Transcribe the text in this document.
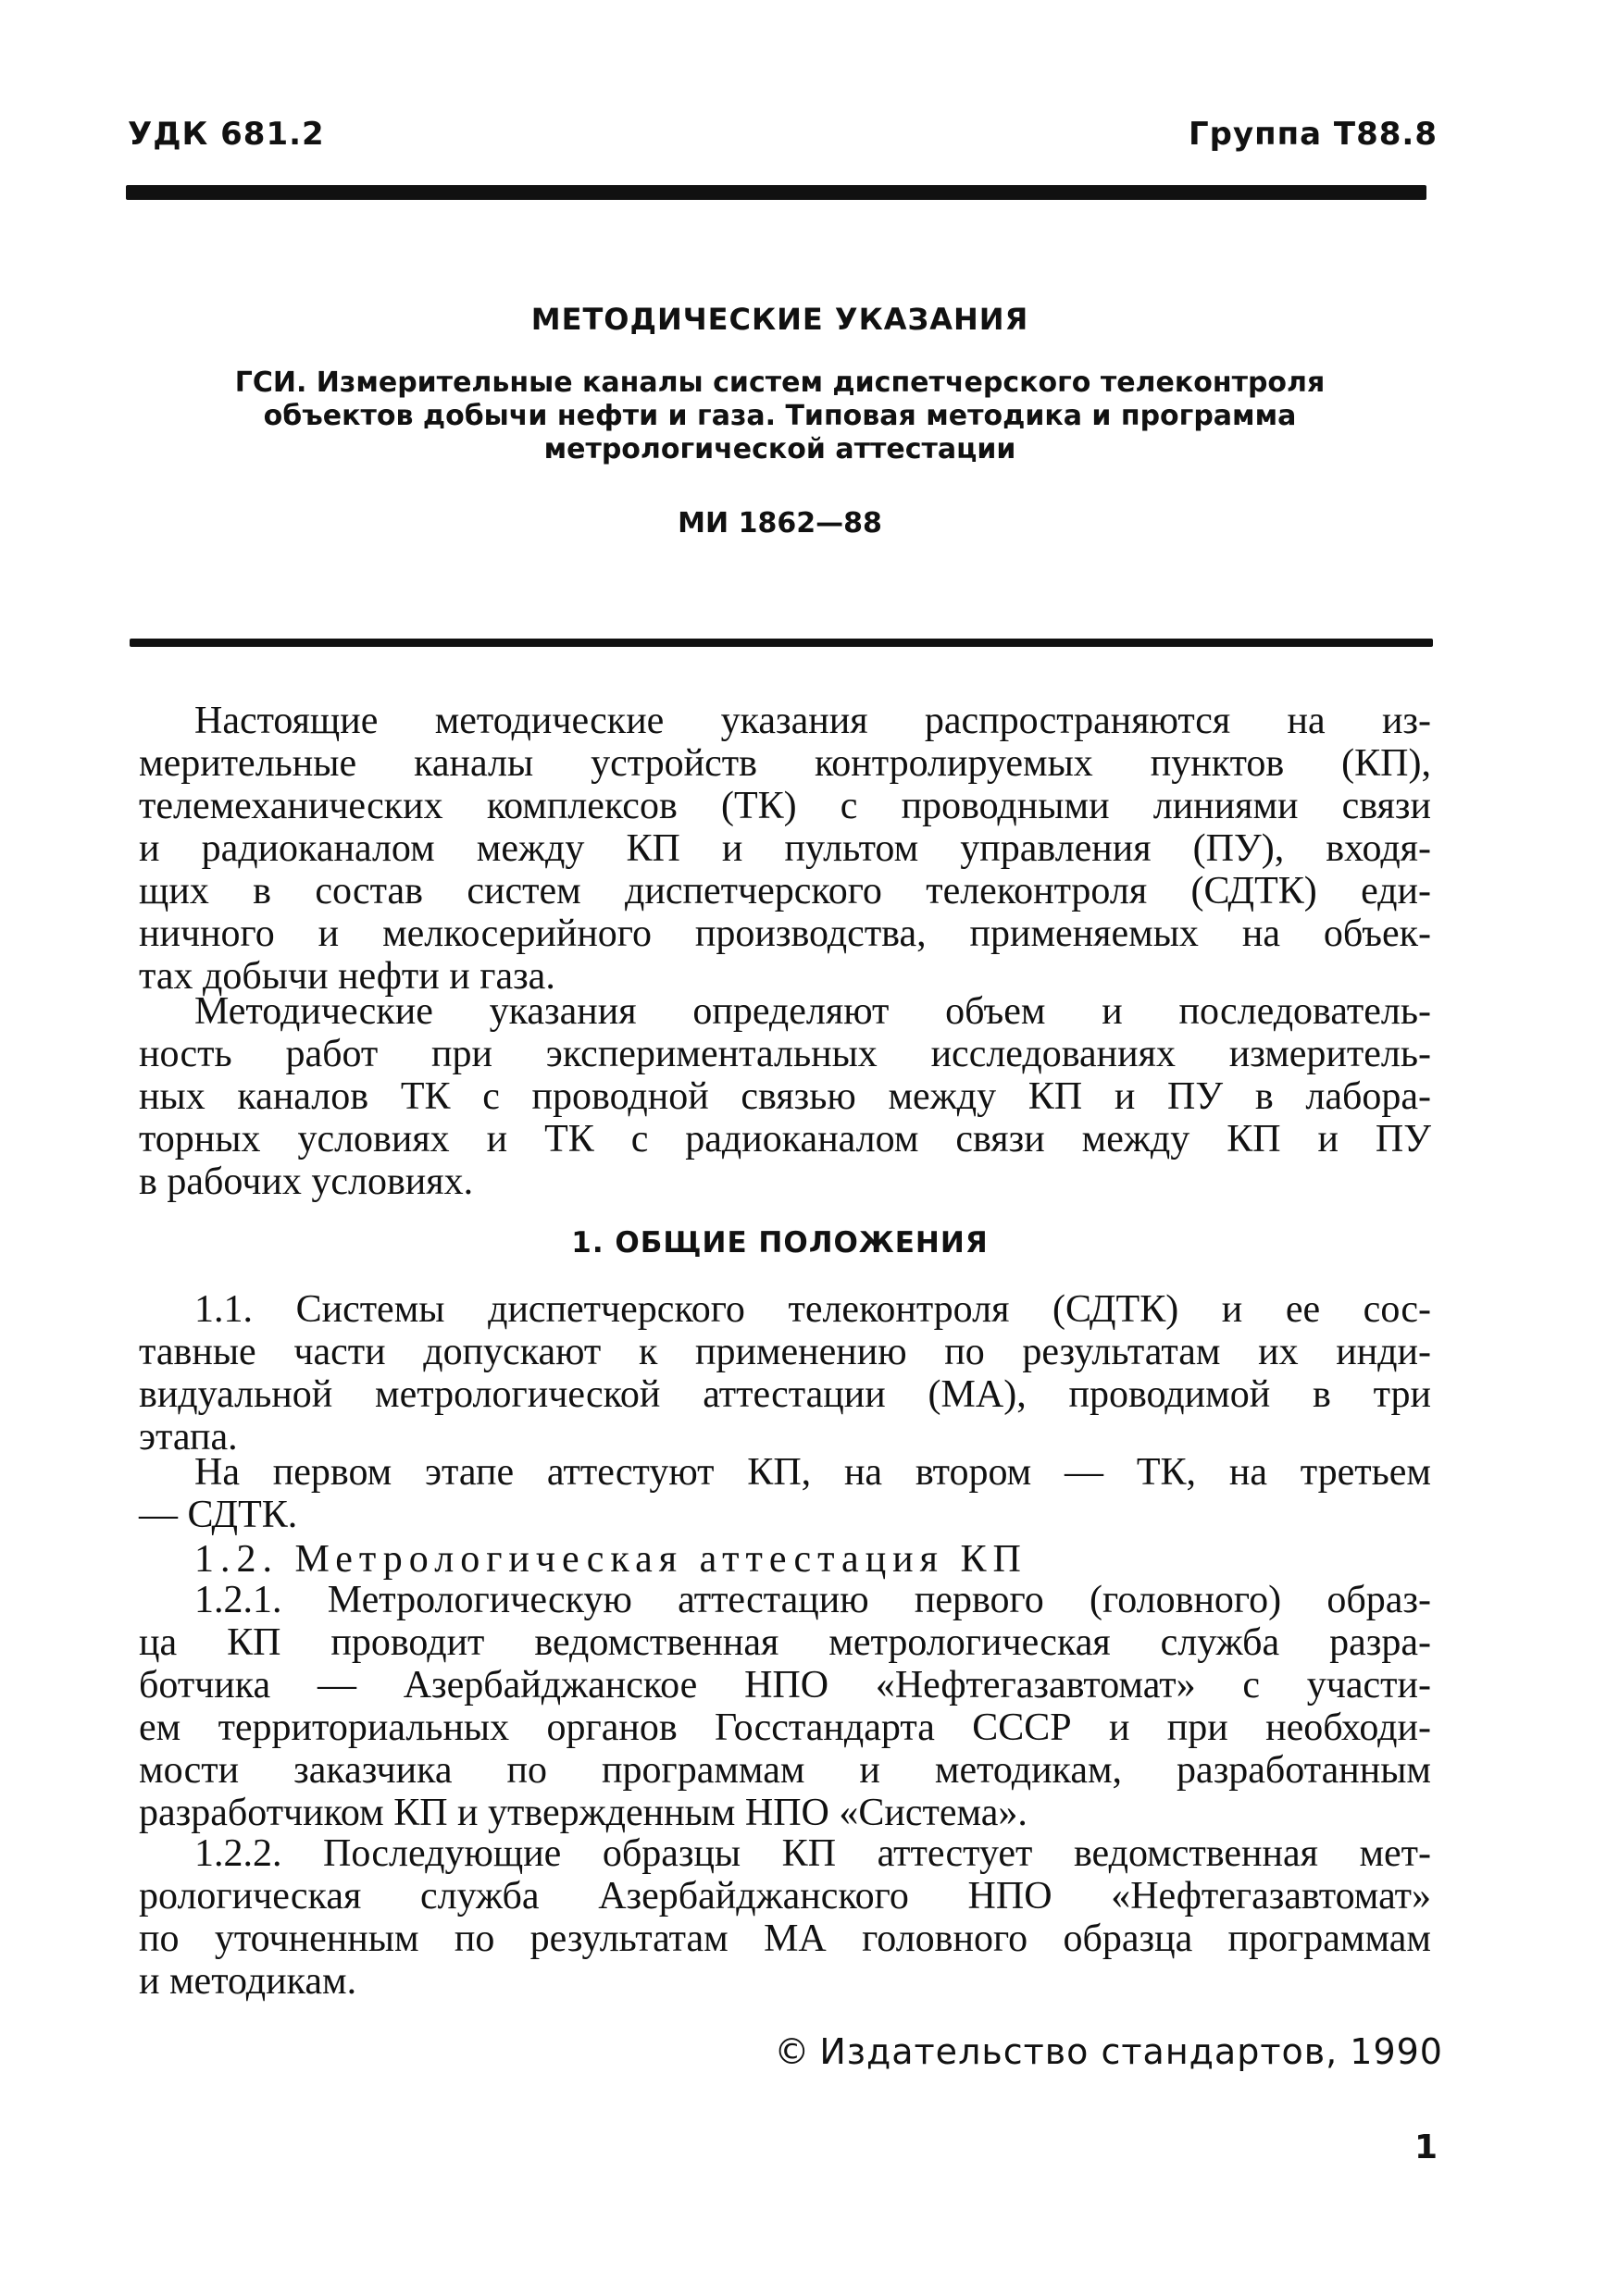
УДК 681.2	Группа Т88.8
МЕТОДИЧЕСКИЕ УКАЗАНИЯ
ГСИ. Измерительные каналы систем диспетчерского телеконтроля
объектов добычи нефти и газа. Типовая методика и программа
метрологической аттестации
МИ 1862—88
Настоящие методические указания распространяются на из-
мерительные каналы устройств контролируемых пунктов (КП),
телемеханических комплексов (ТК) с проводными линиями связи
и радиоканалом между КП и пультом управления (ПУ), входя-
щих в состав систем диспетчерского телеконтроля (СДТК) еди-
ничного и мелкосерийного производства, применяемых на объек-
тах добычи нефти и газа.
Методические указания определяют объем и последователь-
ность работ при экспериментальных исследованиях измеритель-
ных каналов ТК с проводной связью между КП и ПУ в лабора-
торных условиях и ТК с радиоканалом связи между КП и ПУ
в рабочих условиях.
1. ОБЩИЕ ПОЛОЖЕНИЯ
1.1. Системы диспетчерского телеконтроля (СДТК) и ее сос-
тавные части допускают к применению по результатам их инди-
видуальной метрологической аттестации (МА), проводимой в три
этапа.
На первом этапе аттестуют КП, на втором — ТК, на третьем
— СДТК.
1.2. Метрологическая аттестация КП
1.2.1. Метрологическую аттестацию первого (головного) образ-
ца КП проводит ведомственная метрологическая служба разра-
ботчика — Азербайджанское НПО «Нефтегазавтомат» с участи-
ем территориальных органов Госстандарта СССР и при необходи-
мости заказчика по программам и методикам, разработанным
разработчиком КП и утвержденным НПО «Система».
1.2.2. Последующие образцы КП аттестует ведомственная мет-
рологическая служба Азербайджанского НПО «Нефтегазавтомат»
по уточненным по результатам МА головного образца программам
и методикам.
© Издательство стандартов, 1990
1
